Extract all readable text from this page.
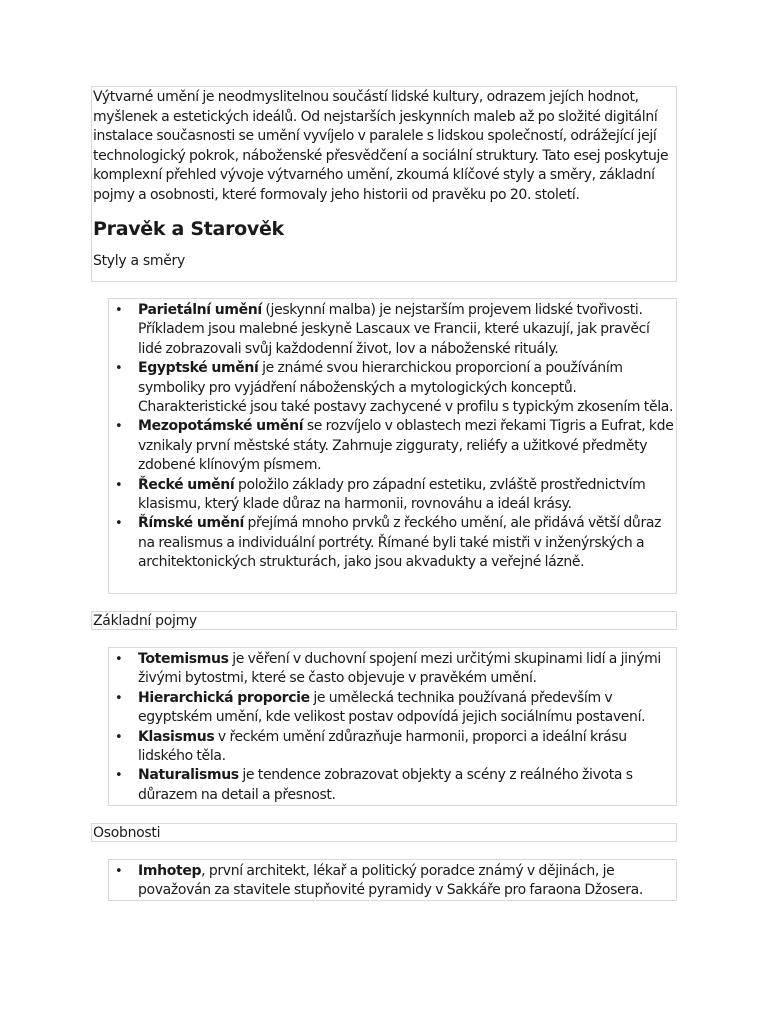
Výtvarné umění je neodmyslitelnou součástí lidské kultury, odrazem jejích hodnot, myšlenek a estetických ideálů. Od nejstarších jeskynních maleb až po složité digitální instalace současnosti se umění vyvíjelo v paralele s lidskou společností, odrážející její technologický pokrok, náboženské přesvědčení a sociální struktury. Tato esej poskytuje komplexní přehled vývoje výtvarného umění, zkoumá klíčové styly a směry, základní pojmy a osobnosti, které formovaly jeho historii od pravěku po 20. století.

Pravěk a Starověk
Styly a směry
• Parietální umění (jeskynní malba) je nejstarším projevem lidské tvořivosti. Příkladem jsou malebné jeskyně Lascaux ve Francii, které ukazují, jak pravěcí lidé zobrazovali svůj každodenní život, lov a náboženské rituály.
• Egyptské umění je známé svou hierarchickou proporcioní a používáním symboliky pro vyjádření náboženských a mytologických konceptů. Charakteristické jsou také postavy zachycené v profilu s typickým zkosením těla.
• Mezopotámské umění se rozvíjelo v oblastech mezi řekami Tigris a Eufrat, kde vznikaly první městské státy. Zahrnuje zigguraty, reliéfy a užitkové předměty zdobené klínovým písmem.
• Řecké umění položilo základy pro západní estetiku, zvláště prostřednictvím klasismu, který klade důraz na harmonii, rovnováhu a ideál krásy.
• Římské umění přejímá mnoho prvků z řeckého umění, ale přidává větší důraz na realismus a individuální portréty. Římané byli také mistři v inženýrských a architektonických strukturách, jako jsou akvadukty a veřejné lázně.
Základní pojmy
• Totemismus je věření v duchovní spojení mezi určitými skupinami lidí a jinými živými bytostmi, které se často objevuje v pravěkém umění.
• Hierarchická proporcie je umělecká technika používaná především v egyptském umění, kde velikost postav odpovídá jejich sociálnímu postavení.
• Klasismus v řeckém umění zdůrazňuje harmonii, proporci a ideální krásu lidského těla.
• Naturalismus je tendence zobrazovat objekty a scény z reálného života s důrazem na detail a přesnost.
Osobnosti
• Imhotep, první architekt, lékař a politický poradce známý v dějinách, je považován za stavitele stupňovité pyramidy v Sakkáře pro faraona Džosera.
